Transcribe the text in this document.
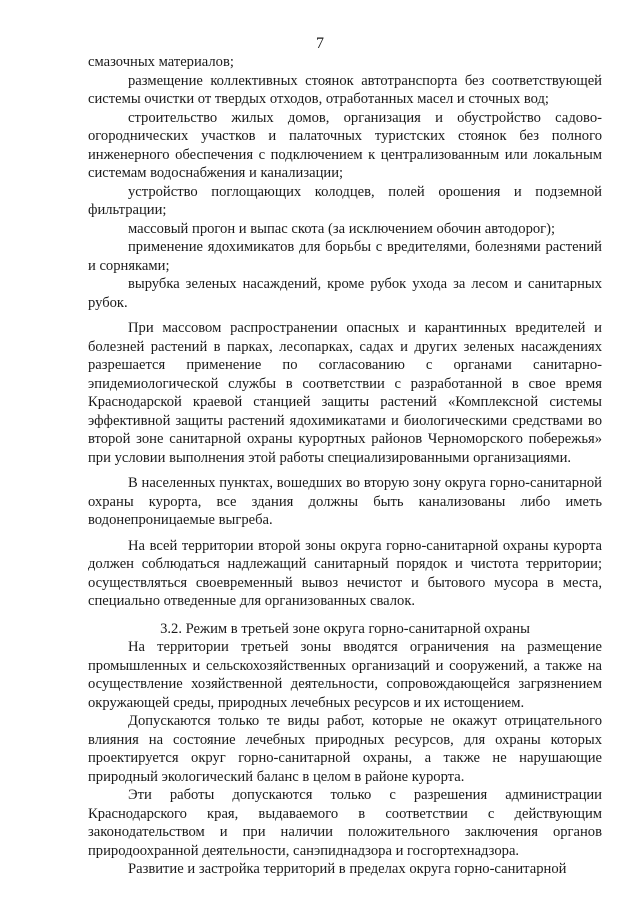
7

смазочных материалов;

размещение коллективных стоянок автотранспорта без соответствующей системы очистки от твердых отходов, отработанных масел и сточных вод;

строительство жилых домов, организация и обустройство садово-огороднических участков и палаточных туристских стоянок без полного инженерного обеспечения с подключением к централизованным или локальным системам водоснабжения и канализации;

устройство поглощающих колодцев, полей орошения и подземной фильтрации;

массовый прогон и выпас скота (за исключением обочин автодорог);

применение ядохимикатов для борьбы с вредителями, болезнями растений и сорняками;

вырубка зеленых насаждений, кроме рубок ухода за лесом и санитарных рубок.

При массовом распространении опасных и карантинных вредителей и болезней растений в парках, лесопарках, садах и других зеленых насаждениях разрешается применение по согласованию с органами санитарно-эпидемиологической службы в соответствии с разработанной в свое время Краснодарской краевой станцией защиты растений «Комплексной системы эффективной защиты растений ядохимикатами и биологическими средствами во второй зоне санитарной охраны курортных районов Черноморского побережья» при условии выполнения этой работы специализированными организациями.

В населенных пунктах, вошедших во вторую зону округа горно-санитарной охраны курорта, все здания должны быть канализованы либо иметь водонепроницаемые выгреба.

На всей территории второй зоны округа горно-санитарной охраны курорта должен соблюдаться надлежащий санитарный порядок и чистота территории; осуществляться своевременный вывоз нечистот и бытового мусора в места, специально отведенные для организованных свалок.

3.2. Режим в третьей зоне округа горно-санитарной охраны

На территории третьей зоны вводятся ограничения на размещение промышленных и сельскохозяйственных организаций и сооружений, а также на осуществление хозяйственной деятельности, сопровождающейся загрязнением окружающей среды, природных лечебных ресурсов и их истощением.

Допускаются только те виды работ, которые не окажут отрицательного влияния на состояние лечебных природных ресурсов, для охраны которых проектируется округ горно-санитарной охраны, а также не нарушающие природный экологический баланс в целом в районе курорта.

Эти работы допускаются только с разрешения администрации Краснодарского края, выдаваемого в соответствии с действующим законодательством и при наличии положительного заключения органов природоохранной деятельности, санэпиднадзора и госгортехнадзора.

Развитие и застройка территорий в пределах округа горно-санитарной
